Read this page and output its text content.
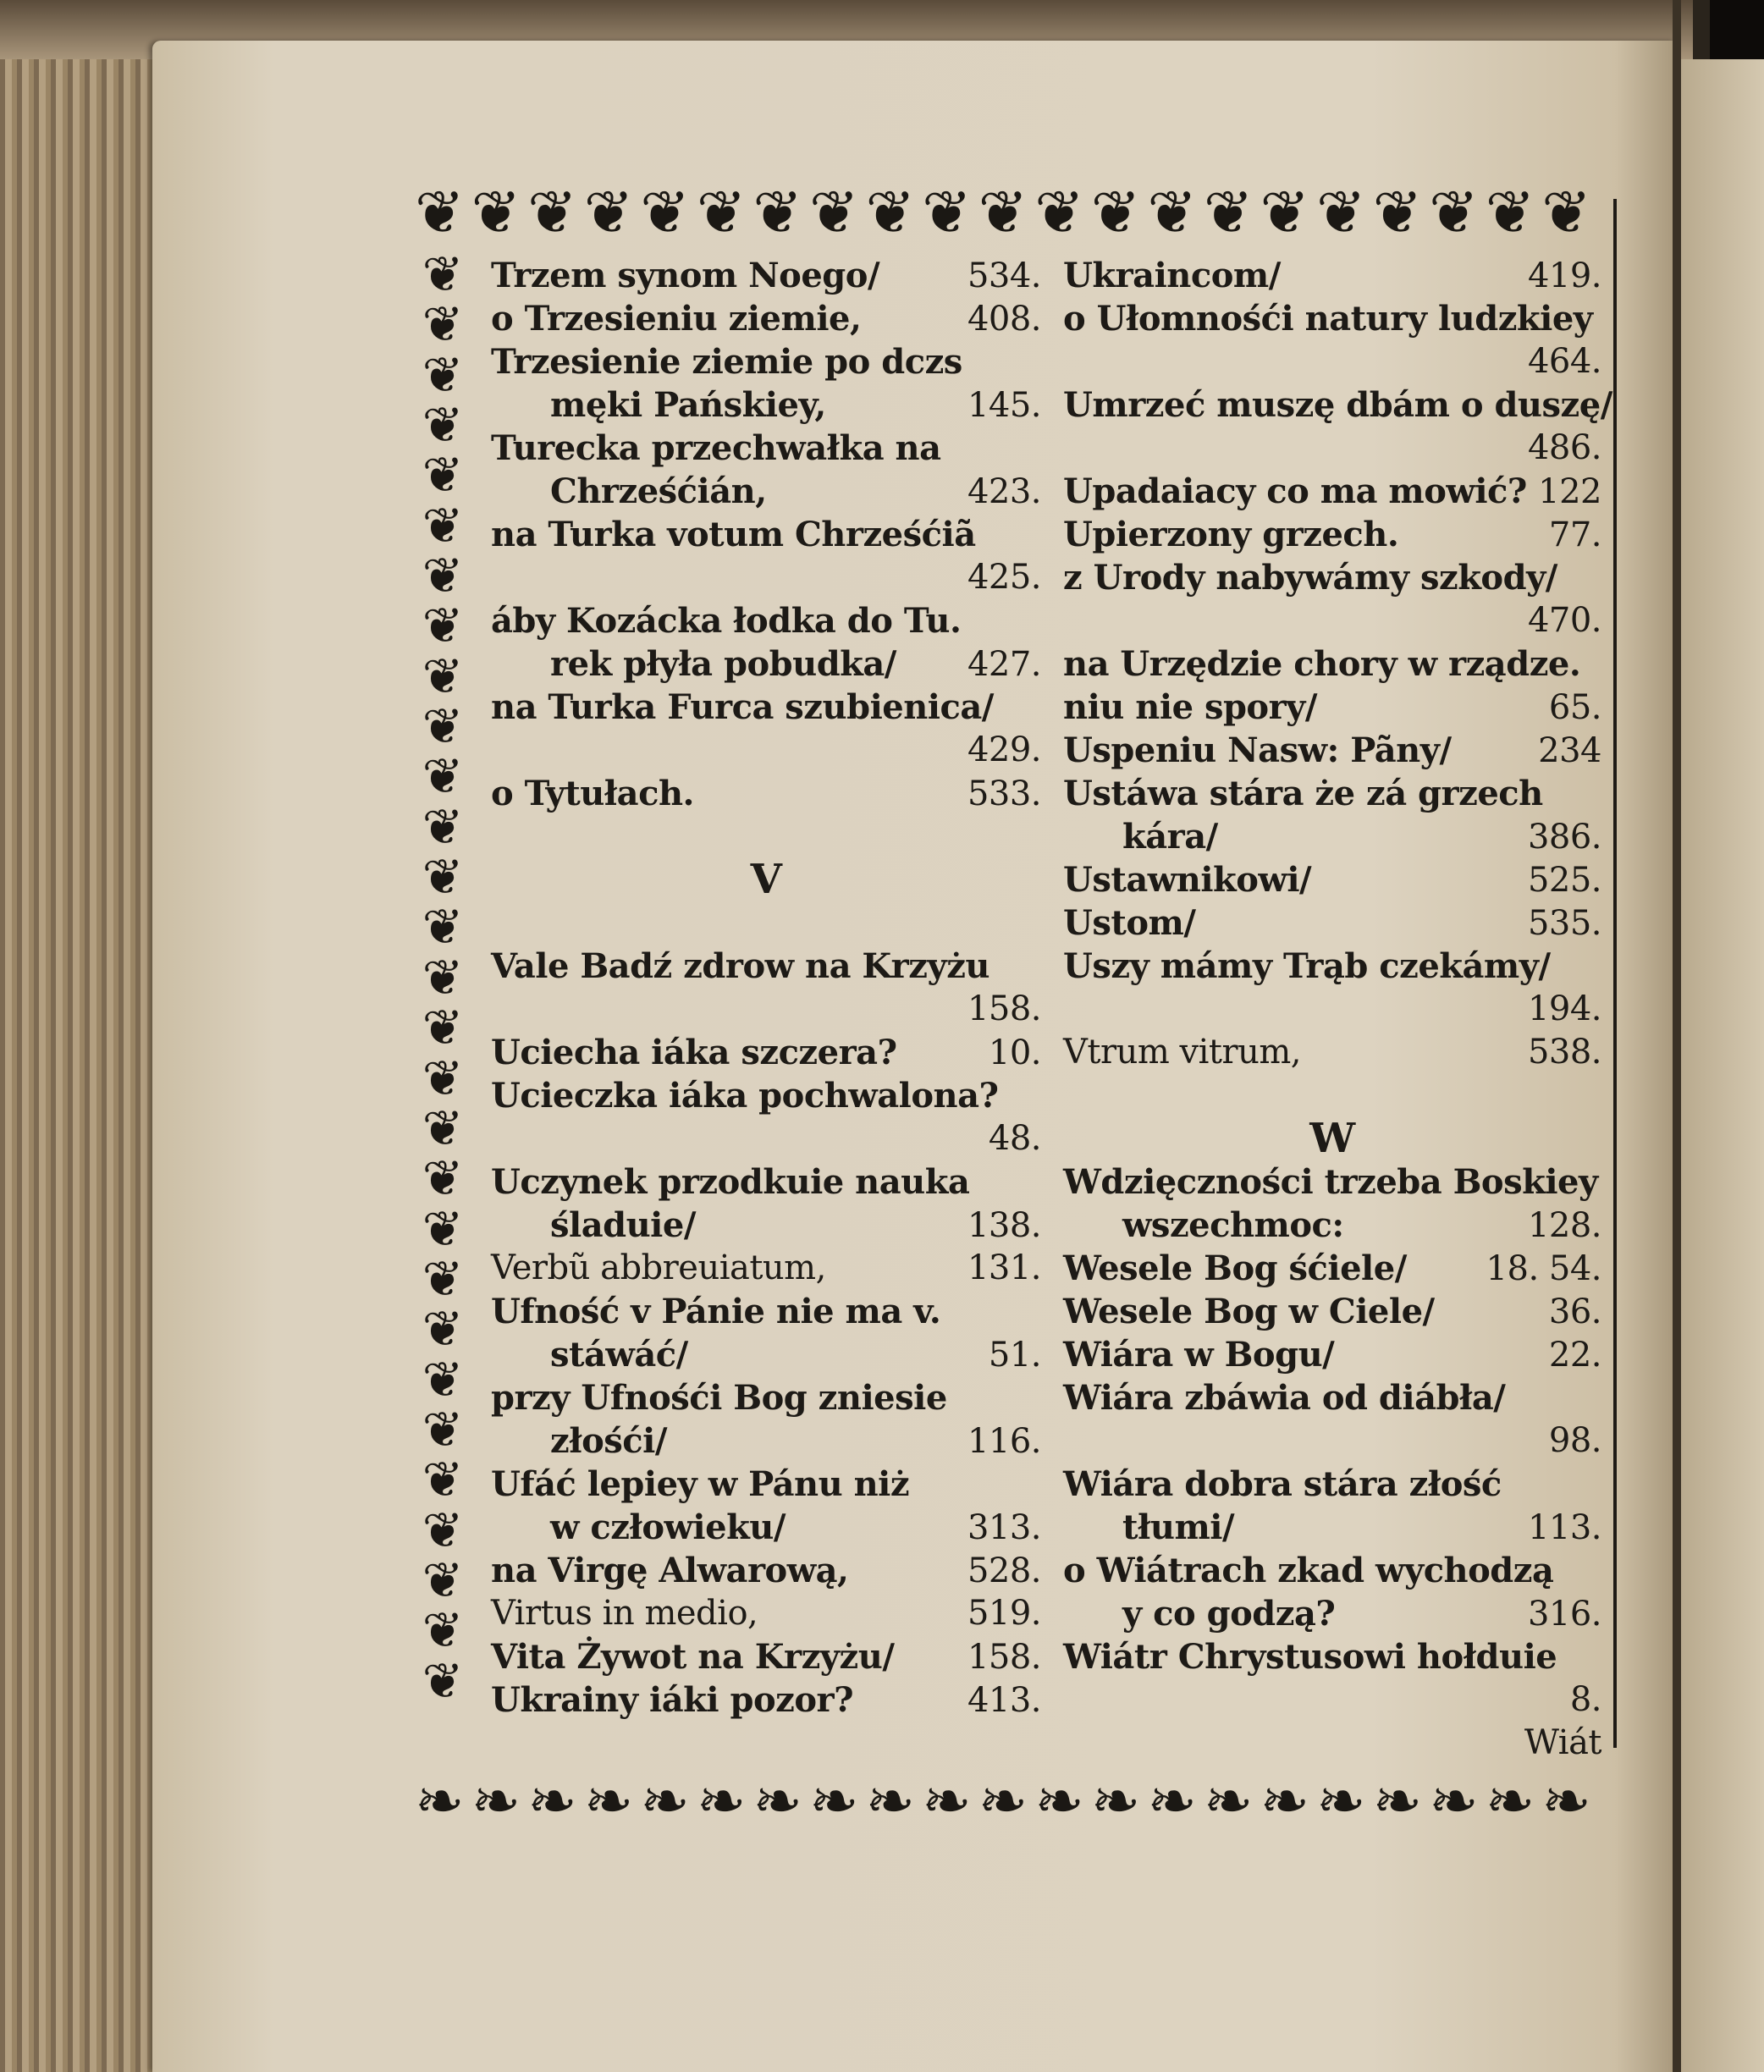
❦
❦
❦
❦
❦
❦
❦
❦
❦
❦
❦
❦
❦
❦
❦
❦
❦
❦
❦
❦
❦
❧
❧
❧
❧
❧
❧
❧
❧
❧
❧
❧
❧
❧
❧
❧
❧
❧
❧
❧
❧
❧
❦
❦
❦
❦
❦
❦
❦
❦
❦
❦
❦
❦
❦
❦
❦
❦
❦
❦
❦
❦
❦
❦
❦
❦
❦
❦
❦
❦
❦
Trzem synom Noego/	534.
o Trzesieniu ziemie,	408.
Trzesienie ziemie po dczs
męki Pańskiey,	145.
Turecka przechwałka na
Chrześćián,	423.
na Turka votum Chrześćiã
425.
áby Kozácka łodka do Tu.
rek płyła pobudka/ 427.
na Turka Furca szubienica/
429.
o Tytułach.	533.
V
Vale Badź zdrow na Krzyżu
158.
Uciecha iáka szczera?	10.
Ucieczka iáka pochwalona?
48.
Uczynek przodkuie nauka
śladuie/	138.
Verbũ abbreuiatum,	131.
Ufność v Pánie nie ma v.
stáwáć/	51.
przy Ufnośći Bog zniesie
złośći/	116.
Ufáć lepiey w Pánu niż
w człowieku/	313.
na Virgę Alwarową,	528.
Virtus in medio,	519.
Vita Żywot na Krzyżu/ 158.
Ukrainy iáki pozor?	413.
Ukraincom/	419.
o Ułomnośći natury ludzkiey
464.
Umrzeć muszę dbám o duszę/
486.
Upadaiacy co ma mowić? 122
Upierzony grzech.	77.
z Urody nabywámy szkody/
470.
na Urzędzie chory w rządze.
niu nie spory/	65.
Uspeniu Nasw: Pãny/	234
Ustáwa stára że zá grzech
kára/	386.
Ustawnikowi/	525.
Ustom/	535.
Uszy mámy Trąb czekámy/
194.
Vtrum vitrum,	538.
W
Wdzięczności trzeba Boskiey
wszechmoc:	128.
Wesele Bog śćiele/ 18. 54.
Wesele Bog w Ciele/	36.
Wiára w Bogu/	22.
Wiára zbáwia od diábła/
98.
Wiára dobra stára złość
tłumi/	113.
o Wiátrach zkad wychodzą
y co godzą?	316.
Wiátr Chrystusowi hołduie
8.
Wiát
